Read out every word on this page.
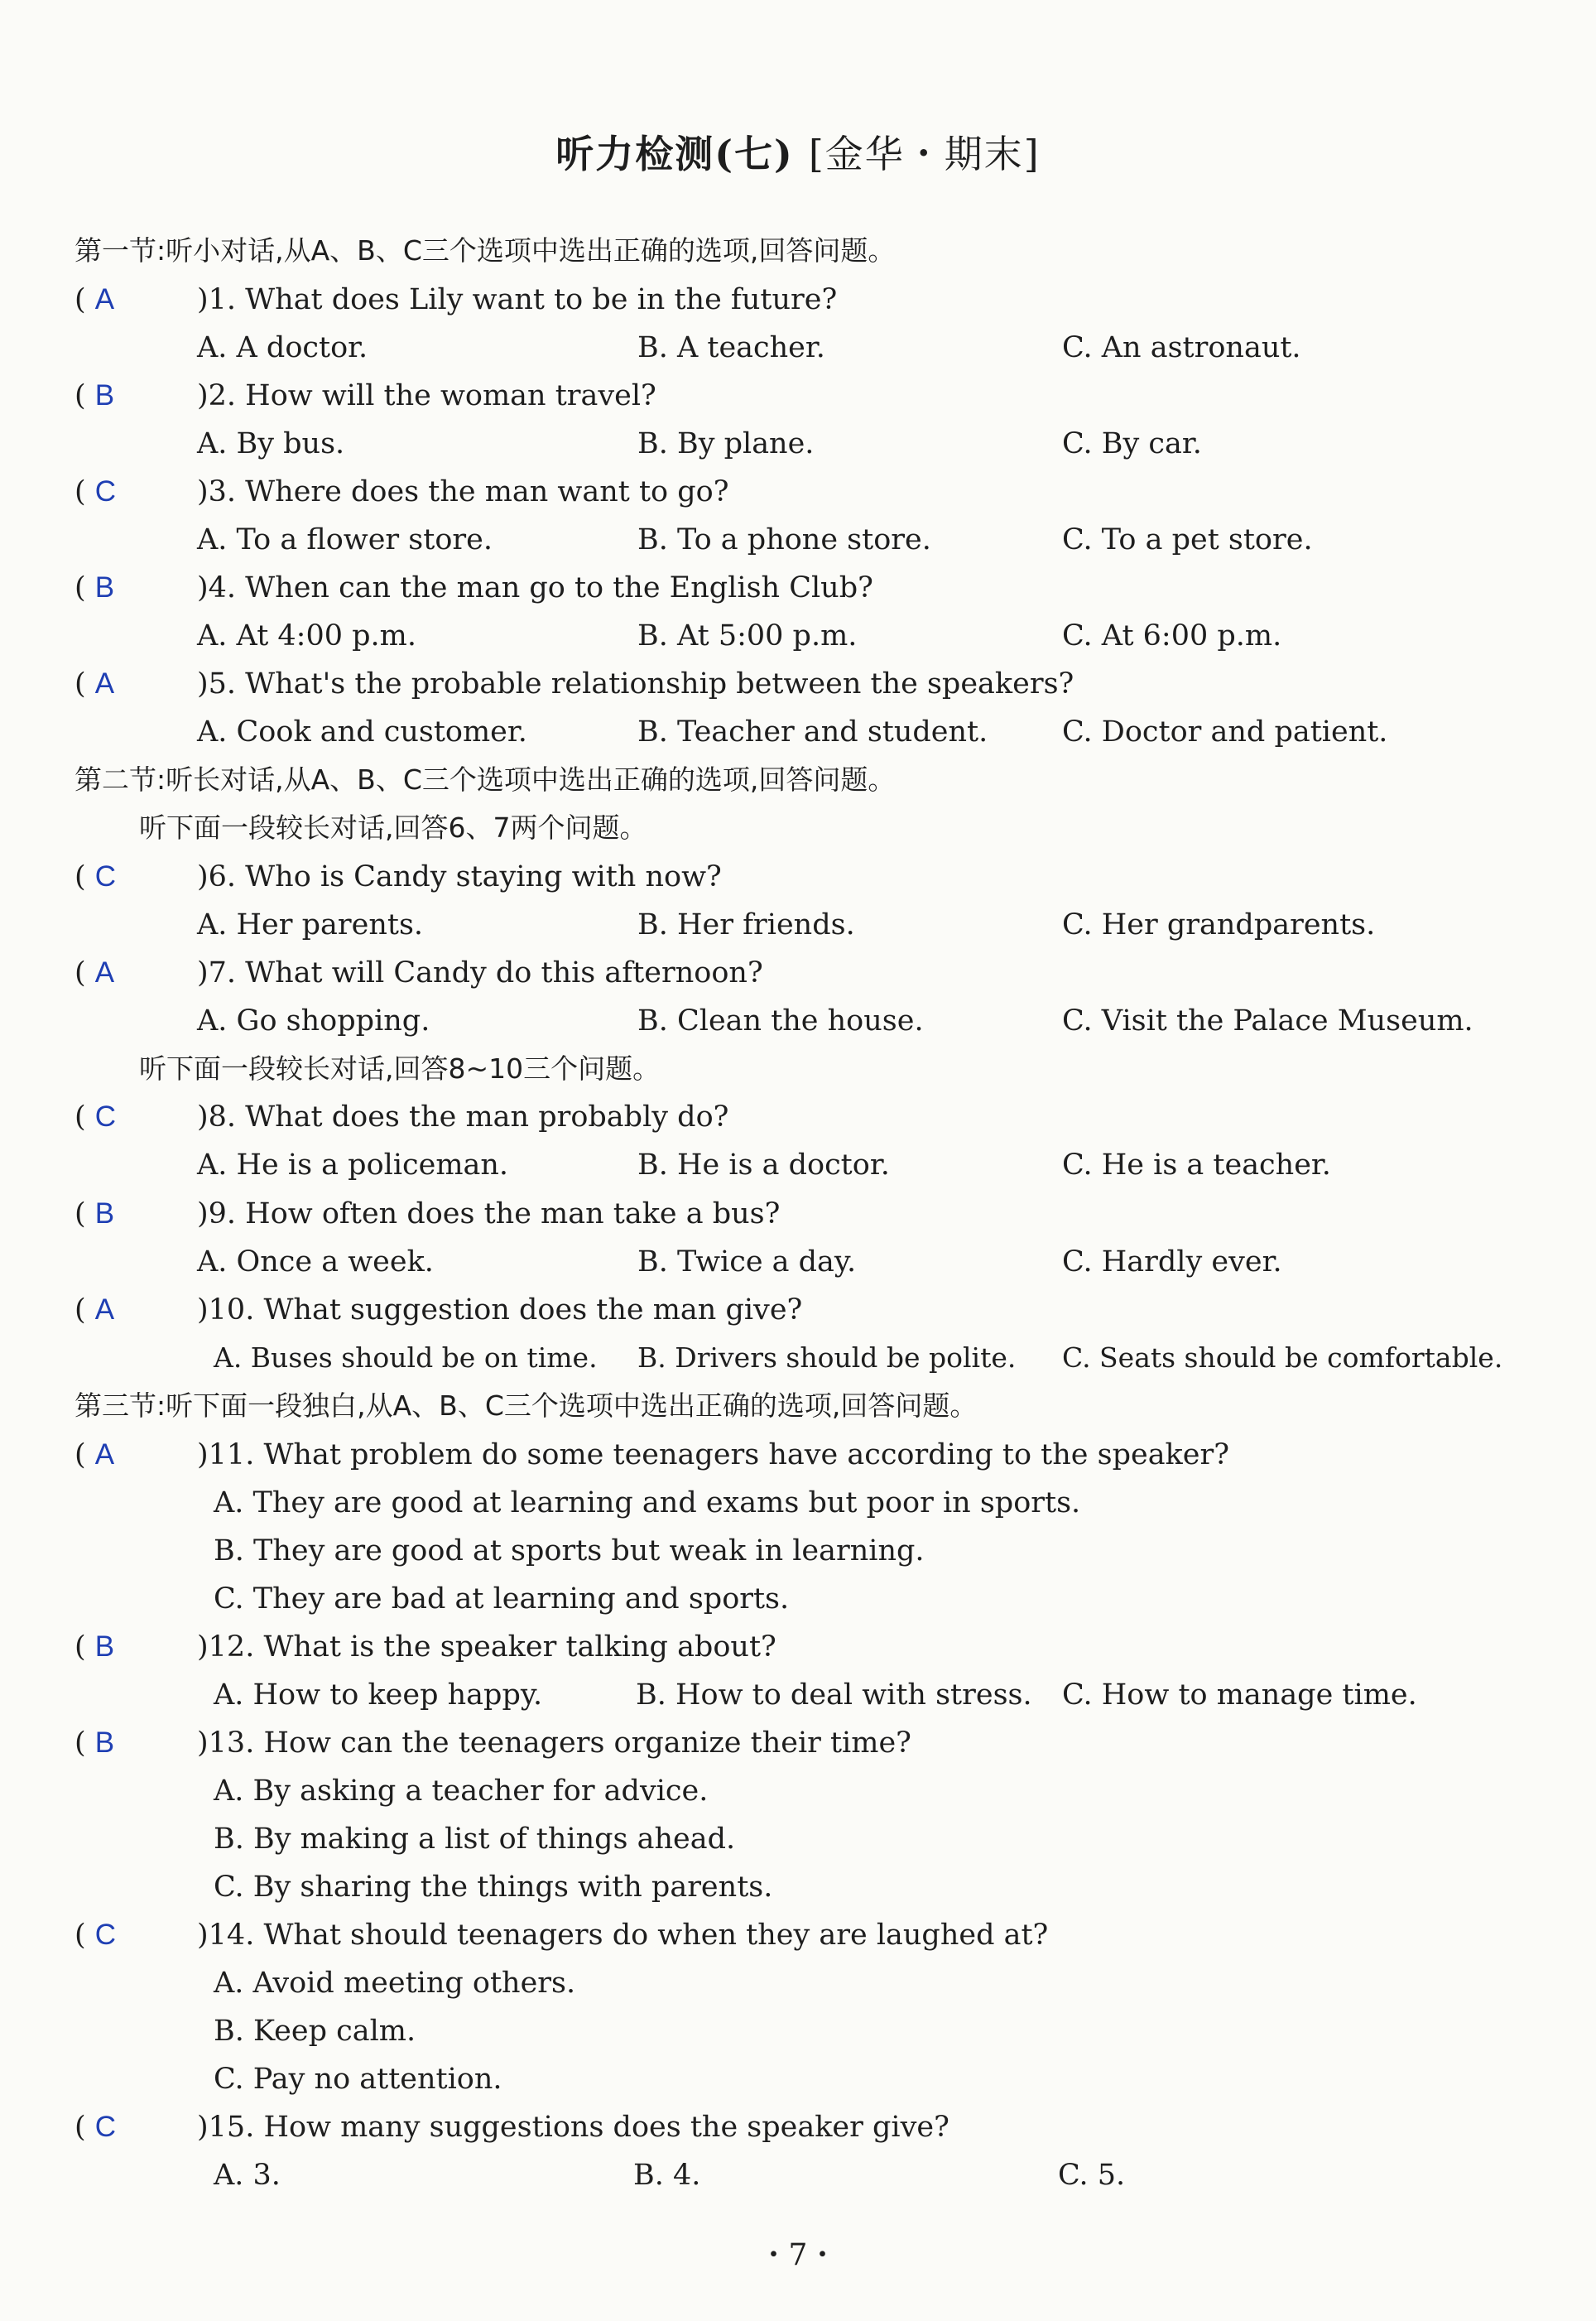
听力检测(七) [金华・期末]
第一节:听小对话,从A、B、C三个选项中选出正确的选项,回答问题。
( A	)1. What does Lily want to be in the future?
A. A doctor.	B. A teacher.	C. An astronaut.
( B	)2. How will the woman travel?
A. By bus.	B. By plane.	C. By car.
( C	)3. Where does the man want to go?
A. To a flower store.	B. To a phone store.	C. To a pet store.
( B	)4. When can the man go to the English Club?
A. At 4:00 p.m.	B. At 5:00 p.m.	C. At 6:00 p.m.
( A	)5. What's the probable relationship between the speakers?
A. Cook and customer.	B. Teacher and student.	C. Doctor and patient.
第二节:听长对话,从A、B、C三个选项中选出正确的选项,回答问题。
听下面一段较长对话,回答6、7两个问题。
( C	)6. Who is Candy staying with now?
A. Her parents.	B. Her friends.	C. Her grandparents.
( A	)7. What will Candy do this afternoon?
A. Go shopping.	B. Clean the house.	C. Visit the Palace Museum.
听下面一段较长对话,回答8~10三个问题。
( C	)8. What does the man probably do?
A. He is a policeman.	B. He is a doctor.	C. He is a teacher.
( B	)9. How often does the man take a bus?
A. Once a week.	B. Twice a day.	C. Hardly ever.
( A	)10. What suggestion does the man give?
A. Buses should be on time. B. Drivers should be polite. C. Seats should be comfortable.
第三节:听下面一段独白,从A、B、C三个选项中选出正确的选项,回答问题。
( A	)11. What problem do some teenagers have according to the speaker?
A. They are good at learning and exams but poor in sports.
B. They are good at sports but weak in learning.
C. They are bad at learning and sports.
( B	)12. What is the speaker talking about?
A. How to keep happy.	B. How to deal with stress. C. How to manage time.
( B	)13. How can the teenagers organize their time?
A. By asking a teacher for advice.
B. By making a list of things ahead.
C. By sharing the things with parents.
( C	)14. What should teenagers do when they are laughed at?
A. Avoid meeting others.
B. Keep calm.
C. Pay no attention.
( C	)15. How many suggestions does the speaker give?
A. 3.	B. 4.	C. 5.
・7・
